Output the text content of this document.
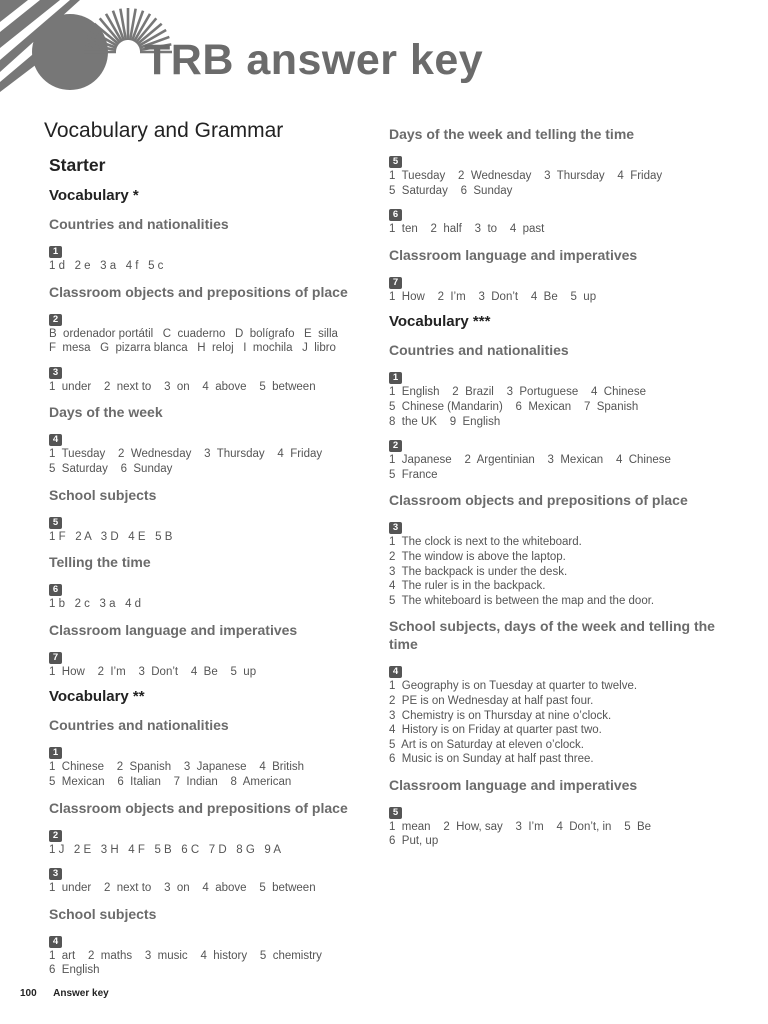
TRB answer key
Vocabulary and Grammar
Starter
Vocabulary *
Countries and nationalities
1
1 d   2 e   3 a   4 f   5 c
Classroom objects and prepositions of place
2
B  ordenador portátil   C  cuaderno   D  bolígrafo   E  silla
F  mesa   G  pizarra blanca   H  reloj   I  mochila   J  libro
3
1  under    2  next to    3  on    4  above    5  between
Days of the week
4
1  Tuesday    2  Wednesday    3  Thursday    4  Friday
5  Saturday    6  Sunday
School subjects
5
1 F   2 A   3 D   4 E   5 B
Telling the time
6
1 b   2 c   3 a   4 d
Classroom language and imperatives
7
1  How    2  I’m    3  Don’t    4  Be    5  up
Vocabulary **
Countries and nationalities
1
1  Chinese    2  Spanish    3  Japanese    4  British
5  Mexican    6  Italian    7  Indian    8  American
Classroom objects and prepositions of place
2
1 J   2 E   3 H   4 F   5 B   6 C   7 D   8 G   9 A
3
1  under    2  next to    3  on    4  above    5  between
School subjects
4
1  art    2  maths    3  music    4  history    5  chemistry
6  English
Days of the week and telling the time
5
1  Tuesday    2  Wednesday    3  Thursday    4  Friday
5  Saturday    6  Sunday
6
1  ten    2  half    3  to    4  past
Classroom language and imperatives
7
1  How    2  I’m    3  Don’t    4  Be    5  up
Vocabulary ***
Countries and nationalities
1
1  English    2  Brazil    3  Portuguese    4  Chinese
5  Chinese (Mandarin)    6  Mexican    7  Spanish
8  the UK    9  English
2
1  Japanese    2  Argentinian    3  Mexican    4  Chinese
5  France
Classroom objects and prepositions of place
3
1  The clock is next to the whiteboard.
2  The window is above the laptop.
3  The backpack is under the desk.
4  The ruler is in the backpack.
5  The whiteboard is between the map and the door.
School subjects, days of the week and telling the time
4
1  Geography is on Tuesday at quarter to twelve.
2  PE is on Wednesday at half past four.
3  Chemistry is on Thursday at nine o’clock.
4  History is on Friday at quarter past two.
5  Art is on Saturday at eleven o’clock.
6  Music is on Sunday at half past three.
Classroom language and imperatives
5
1  mean    2  How, say    3  I’m    4  Don’t, in    5  Be
6  Put, up
100 Answer key
